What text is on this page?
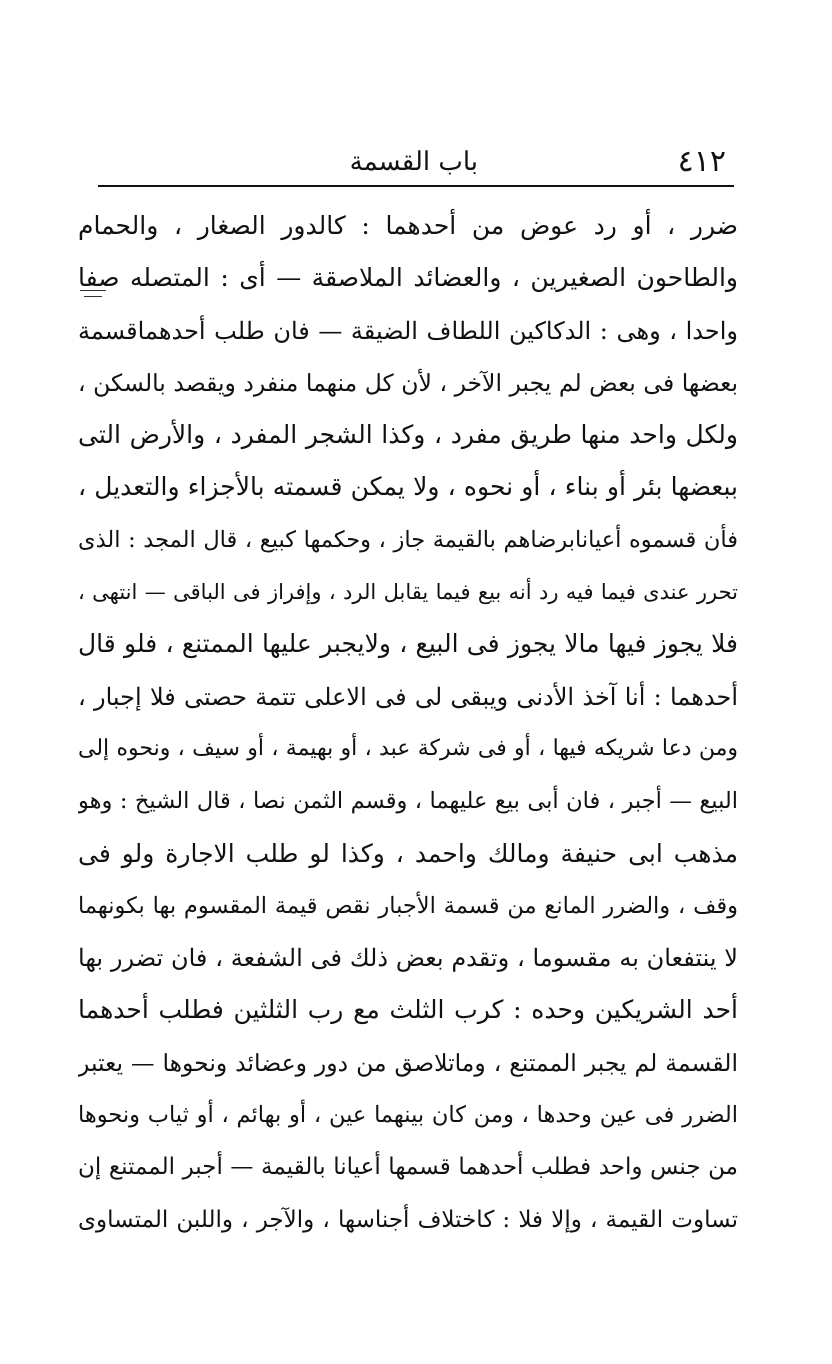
٤١٢
باب القسمة
ضرر ، أو رد عوض من أحدهما : كالدور الصغار ، والحمام
والطاحون الصغيرين ، والعضائد الملاصقة — أى : المتصله صفا
واحدا ، وهى : الدكاكين اللطاف الضيقة — فان طلب أحدهماقسمة
بعضها فى بعض لم يجبر الآخر ، لأن كل منهما منفرد ويقصد بالسكن ،
ولكل واحد منها طريق مفرد ، وكذا الشجر المفرد ، والأرض التى
ببعضها بئر أو بناء ، أو نحوه ، ولا يمكن قسمته بالأجزاء والتعديل ،
فأن قسموه أعيانابرضاهم بالقيمة جاز ، وحكمها كبيع ، قال المجد : الذى
تحرر عندى فيما فيه رد أنه بيع فيما يقابل الرد ، وإفراز فى الباقى — انتهى ،
فلا يجوز فيها مالا يجوز فى البيع ، ولايجبر عليها الممتنع ، فلو قال
أحدهما : أنا آخذ الأدنى ويبقى لى فى الاعلى تتمة حصتى فلا إجبار ،
ومن دعا شريكه فيها ، أو فى شركة عبد ، أو بهيمة ، أو سيف ، ونحوه إلى
البيع — أجبر ، فان أبى بيع عليهما ، وقسم الثمن نصا ، قال الشيخ : وهو
مذهب ابى حنيفة ومالك واحمد ، وكذا لو طلب الاجارة ولو فى
وقف ، والضرر المانع من قسمة الأجبار نقص قيمة المقسوم بها بكونهما
لا ينتفعان به مقسوما ، وتقدم بعض ذلك فى الشفعة ، فان تضرر بها
أحد الشريكين وحده : كرب الثلث مع رب الثلثين فطلب أحدهما
القسمة لم يجبر الممتنع ، وماتلاصق من دور وعضائد ونحوها — يعتبر
الضرر فى عين وحدها ، ومن كان بينهما عين ، أو بهائم ، أو ثياب ونحوها
من جنس واحد فطلب أحدهما قسمها أعيانا بالقيمة — أجبر الممتنع إن
تساوت القيمة ، وإلا فلا : كاختلاف أجناسها ، والآجر ، واللبن المتساوى
